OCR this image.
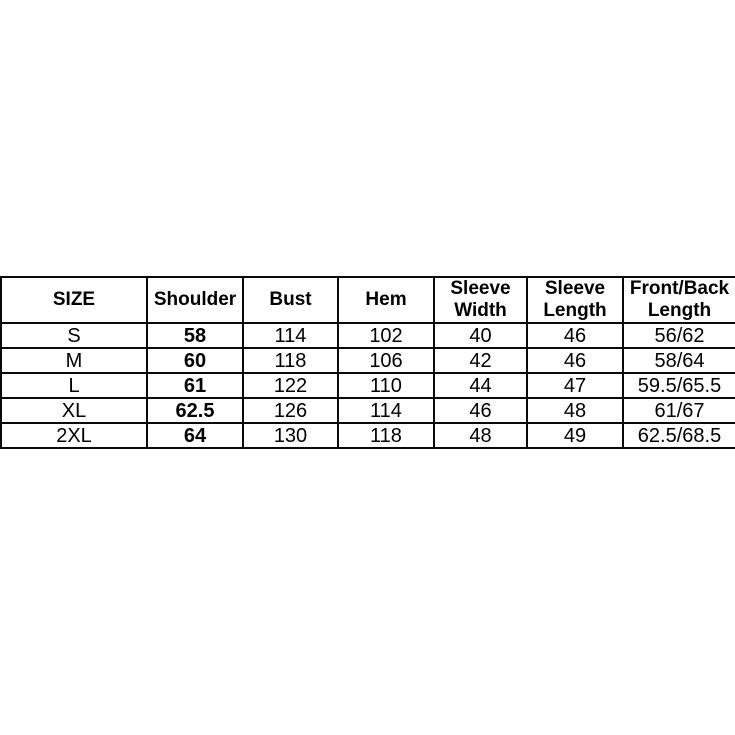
SIZE	Shoulder	Bust	Hem	Sleeve Width	Sleeve Length	Front/Back Length
S	58	114	102	40	46	56/62
M	60	118	106	42	46	58/64
L	61	122	110	44	47	59.5/65.5
XL	62.5	126	114	46	48	61/67
2XL	64	130	118	48	49	62.5/68.5
